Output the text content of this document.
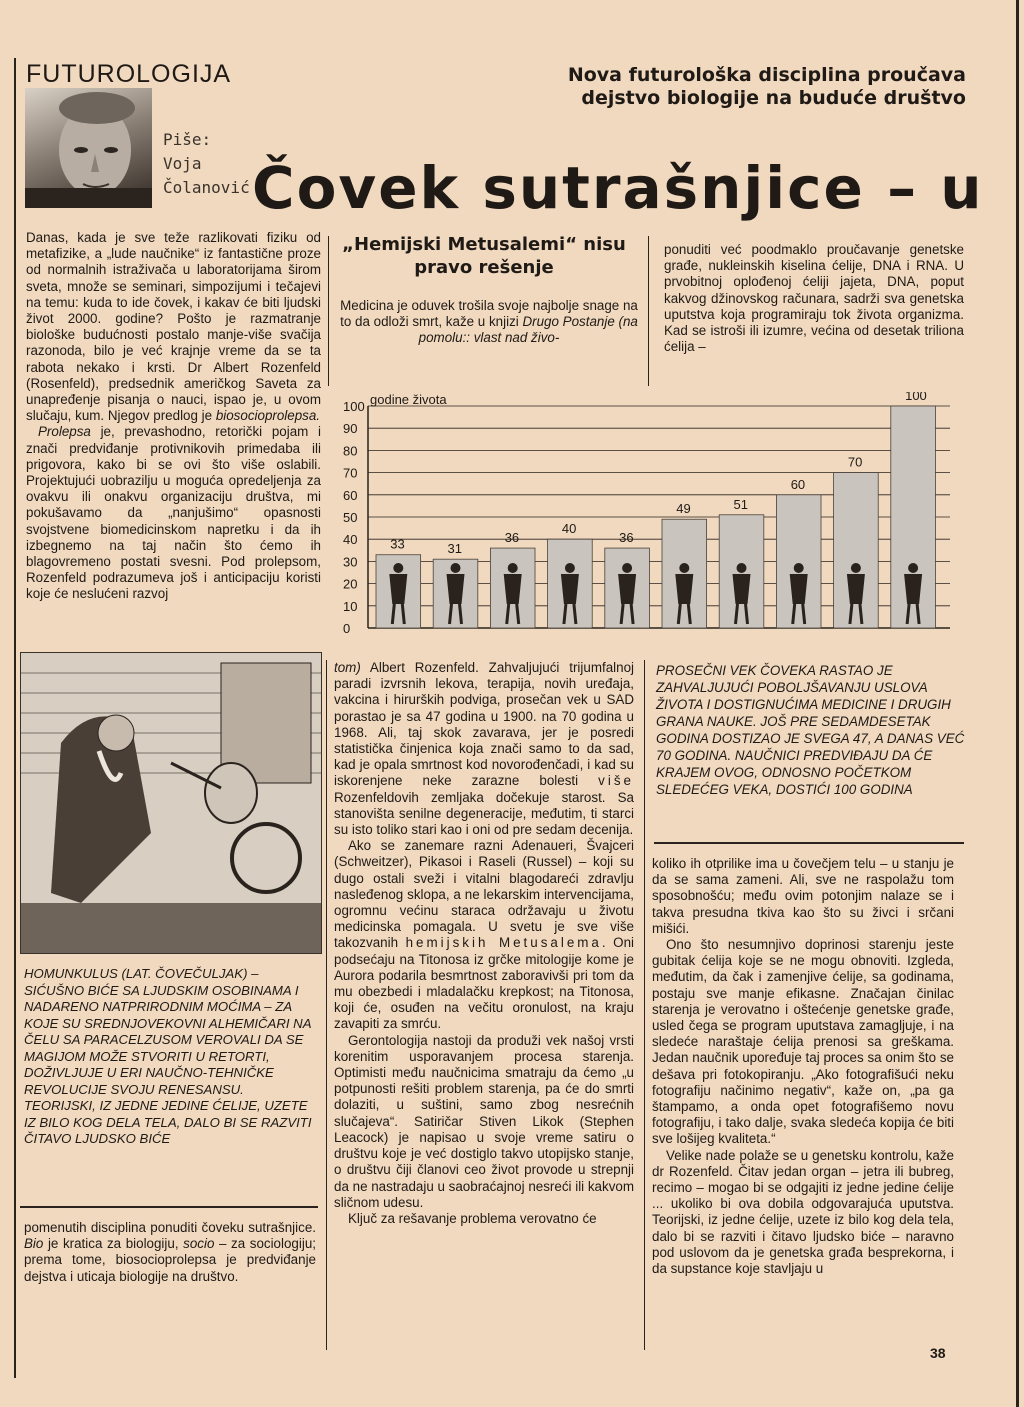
FUTUROLOGIJA	Nova futurološka disciplina proučava dejstvo biologije na buduće društvo
Piše:
Voja
Čolanović Čovek sutrašnjice – u

Danas, kada je sve teže razlikovati fiziku od metafizike, a „lude naučnike“ iz fantastične proze od normalnih istraživača u laboratorijama širom sveta, množe se seminari, simpozijumi i tečajevi na temu: kuda to ide čovek, i kakav će biti ljudski život 2000. godine? Pošto je razmatranje biološke budućnosti postalo manje-više svačija razonoda, bilo je već krajnje vreme da se ta rabota nekako i krsti. Dr Albert Rozenfeld (Rosenfeld), predsednik američkog Saveta za unapređenje pisanja o nauci, ispao je, u ovom slučaju, kum. Njegov predlog je biosocioprolepsa.

Prolepsa je, prevashodno, retorički pojam i znači predviđanje protivnikovih primedaba ili prigovora, kako bi se ovi što više oslabili. Projektujući uobrazilju u moguća opredeljenja za ovakvu ili onakvu organizaciju društva, mi pokušavamo da „nanjušimo“ opasnosti svojstvene biomedicinskom napretku i da ih izbegnemo na taj način što ćemo ih blagovremeno postati svesni. Pod prolepsom, Rozenfeld podrazumeva još i anticipaciju koristi koje će neslućeni razvoj

„Hemijski Metusalemi“ nisu pravo rešenje
Medicina je oduvek trošila svoje najbolje snage na to da odloži smrt, kaže u knjizi Drugo Postanje (na pomolu:: vlast nad živo-
ponuditi već poodmaklo proučavanje genetske građe, nukleinskih kiselina ćelije, DNA i RNA. U prvobitnoj oplođenoj ćeliji jajeta, DNA, poput kakvog džinovskog računara, sadrži sva genetska uputstva koja programiraju tok života organizma. Kad se istroši ili izumre, većina od desetak triliona ćelija –
0
10
20
30
40
50
60
70
80
90
100 godine života
33	31
36
40
36
49	51
60
70
100
HOMUNKULUS (LAT. ČOVEČULJAK) – SIĆUŠNO BIĆE SA LJUDSKIM OSOBINAMA I NADARENO NATPRIRODNIM MOĆIMA – ZA KOJE SU SREDNJOVEKOVNI ALHEMIČARI NA ČELU SA PARACELZUSOM VEROVALI DA SE MAGIJOM MOŽE STVORITI U RETORTI, DOŽIVLJUJE U ERI NAUČNO-TEHNIČKE REVOLUCIJE SVOJU RENESANSU. TEORIJSKI, IZ JEDNE JEDINE ĆELIJE, UZETE IZ BILO KOG DELA TELA, DALO BI SE RAZVITI ČITAVO LJUDSKO BIĆE
pomenutih disciplina ponuditi čoveku sutrašnjice. Bio je kratica za biologiju, socio – za sociologiju; prema tome, biosocioprolepsa je predviđanje dejstva i uticaja biologije na društvo.

tom) Albert Rozenfeld. Zahvaljujući trijumfalnoj paradi izvrsnih lekova, terapija, novih uređaja, vakcina i hirurških podviga, prosečan vek u SAD porastao je sa 47 godina u 1900. na 70 godina u 1968. Ali, taj skok zavarava, jer je posredi statistička činjenica koja znači samo to da sad, kad je opala smrtnost kod novorođenčadi, i kad su iskorenjene neke zarazne bolesti više Rozenfeldovih zemljaka dočekuje starost. Sa stanovišta senilne degeneracije, međutim, ti starci su isto toliko stari kao i oni od pre sedam decenija.

Ako se zanemare razni Adenaueri, Švajceri (Schweitzer), Pikasoi i Raseli (Russel) – koji su dugo ostali sveži i vitalni blagodareći zdravlju nasleđenog sklopa, a ne lekarskim intervencijama, ogromnu većinu staraca održavaju u životu medicinska pomagala. U svetu je sve više takozvanih hemijskih Metusalema. Oni podsećaju na Titonosa iz grčke mitologije kome je Aurora podarila besmrtnost zaboravivši pri tom da mu obezbedi i mladalačku krepkost; na Titonosa, koji će, osuđen na večitu oronulost, na kraju zavapiti za smrću.

Gerontologija nastoji da produži vek našoj vrsti korenitim usporavanjem procesa starenja. Optimisti među naučnicima smatraju da ćemo „u potpunosti rešiti problem starenja, pa će do smrti dolaziti, u suštini, samo zbog nesrećnih slučajeva“. Satiričar Stiven Likok (Stephen Leacock) je napisao u svoje vreme satiru o društvu koje je već dostiglo takvo utopijsko stanje, o društvu čiji članovi ceo život provode u strepnji da ne nastradaju u saobraćajnoj nesreći ili kakvom sličnom udesu.

Ključ za rešavanje problema verovatno će

PROSEČNI VEK ČOVEKA RASTAO JE ZAHVALJUJUĆI POBOLJŠAVANJU USLOVA ŽIVOTA I DOSTIGNUĆIMA MEDICINE I DRUGIH GRANA NAUKE. JOŠ PRE SEDAMDESETAK GODINA DOSTIZAO JE SVEGA 47, A DANAS VEĆ 70 GODINA. NAUČNICI PREDVIĐAJU DA ĆE KRAJEM OVOG, ODNOSNO POČETKOM SLEDEĆEG VEKA, DOSTIĆI 100 GODINA

koliko ih otprilike ima u čovečjem telu – u stanju je da se sama zameni. Ali, sve ne raspolažu tom sposobnošću; među ovim potonjim nalaze se i takva presudna tkiva kao što su živci i srčani mišići.

Ono što nesumnjivo doprinosi starenju jeste gubitak ćelija koje se ne mogu obnoviti. Izgleda, međutim, da čak i zamenjive ćelije, sa godinama, postaju sve manje efikasne. Značajan činilac starenja je verovatno i oštećenje genetske građe, usled čega se program uputstava zamagljuje, i na sledeće naraštaje ćelija prenosi sa greškama. Jedan naučnik upoređuje taj proces sa onim što se dešava pri fotokopiranju. „Ako fotografišući neku fotografiju načinimo negativ“, kaže on, „pa ga štampamo, a onda opet fotografišemo novu fotografiju, i tako dalje, svaka sledeća kopija će biti sve lošijeg kvaliteta.“

Velike nade polaže se u genetsku kontrolu, kaže dr Rozenfeld. Čitav jedan organ – jetra ili bubreg, recimo – mogao bi se odgajiti iz jedne jedine ćelije ... ukoliko bi ova dobila odgovarajuća uputstva. Teorijski, iz jedne ćelije, uzete iz bilo kog dela tela, dalo bi se razviti i čitavo ljudsko biće – naravno pod uslovom da je genetska građa besprekorna, i da supstance koje stavljaju u

38
